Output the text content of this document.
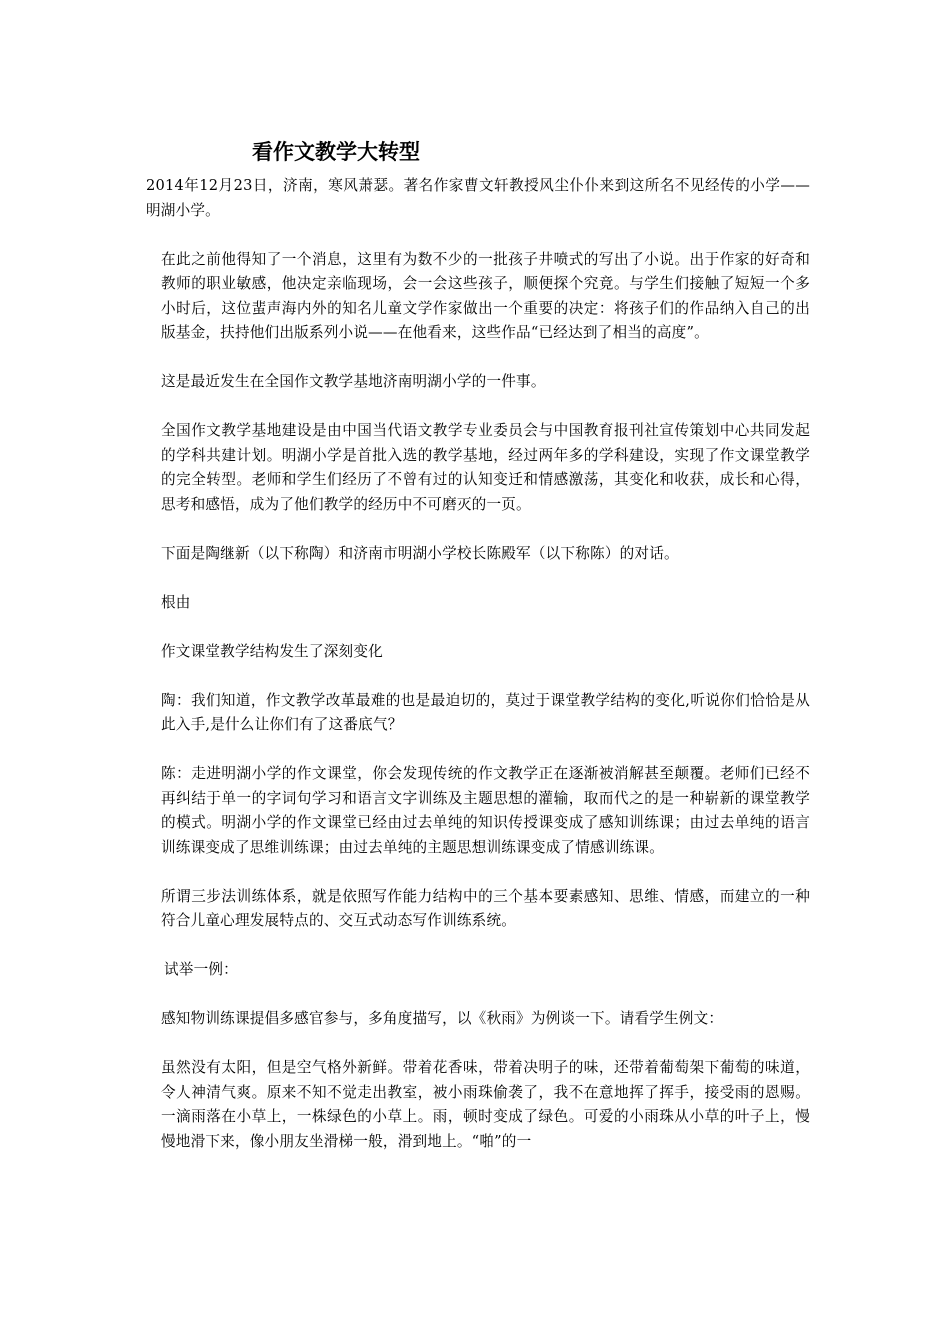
看作文教学大转型

2014年12月23日，济南，寒风萧瑟。著名作家曹文轩教授风尘仆仆来到这所名不见经传的小学——明湖小学。

在此之前他得知了一个消息，这里有为数不少的一批孩子井喷式的写出了小说。出于作家的好奇和教师的职业敏感，他决定亲临现场，会一会这些孩子，顺便探个究竟。与学生们接触了短短一个多小时后，这位蜚声海内外的知名儿童文学作家做出一个重要的决定：将孩子们的作品纳入自己的出版基金，扶持他们出版系列小说——在他看来，这些作品“已经达到了相当的高度”。

这是最近发生在全国作文教学基地济南明湖小学的一件事。

全国作文教学基地建设是由中国当代语文教学专业委员会与中国教育报刊社宣传策划中心共同发起的学科共建计划。明湖小学是首批入选的教学基地，经过两年多的学科建设，实现了作文课堂教学的完全转型。老师和学生们经历了不曾有过的认知变迁和情感激荡，其变化和收获，成长和心得，思考和感悟，成为了他们教学的经历中不可磨灭的一页。

下面是陶继新（以下称陶）和济南市明湖小学校长陈殿军（以下称陈）的对话。

根由

作文课堂教学结构发生了深刻变化

陶：我们知道，作文教学改革最难的也是最迫切的，莫过于课堂教学结构的变化,听说你们恰恰是从此入手,是什么让你们有了这番底气？

陈：走进明湖小学的作文课堂，你会发现传统的作文教学正在逐渐被消解甚至颠覆。老师们已经不再纠结于单一的字词句学习和语言文字训练及主题思想的灌输，取而代之的是一种崭新的课堂教学的模式。明湖小学的作文课堂已经由过去单纯的知识传授课变成了感知训练课；由过去单纯的语言训练课变成了思维训练课；由过去单纯的主题思想训练课变成了情感训练课。

所谓三步法训练体系，就是依照写作能力结构中的三个基本要素感知、思维、情感，而建立的一种符合儿童心理发展特点的、交互式动态写作训练系统。

试举一例：

感知物训练课提倡多感官参与，多角度描写，以《秋雨》为例谈一下。请看学生例文：

虽然没有太阳，但是空气格外新鲜。带着花香味，带着决明子的味，还带着葡萄架下葡萄的味道，令人神清气爽。原来不知不觉走出教室，被小雨珠偷袭了，我不在意地挥了挥手，接受雨的恩赐。一滴雨落在小草上，一株绿色的小草上。雨，顿时变成了绿色。可爱的小雨珠从小草的叶子上，慢慢地滑下来，像小朋友坐滑梯一般，滑到地上。“啪”的一
